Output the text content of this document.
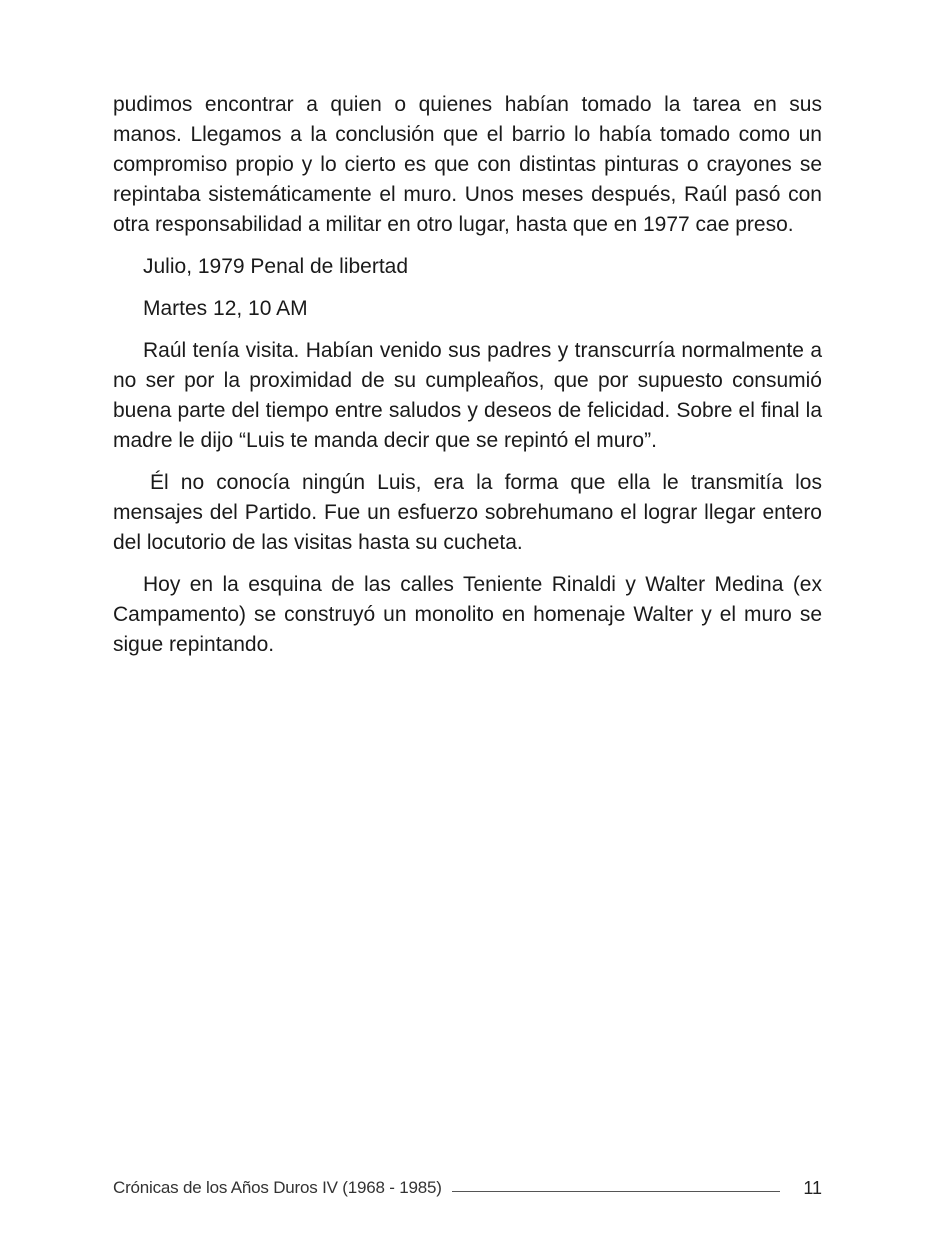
pudimos encontrar a quien o quienes habían tomado la tarea en sus manos. Llegamos a la conclusión que el barrio lo había tomado como un compromiso propio y lo cierto es que con distintas pinturas o crayones se repintaba sistemáticamente el muro. Unos meses después, Raúl pasó con otra responsabilidad a militar en otro lugar, hasta que en 1977 cae preso.

Julio, 1979 Penal de libertad

Martes 12, 10 AM

Raúl tenía visita. Habían venido sus padres y transcurría normalmente a no ser por la proximidad de su cumpleaños, que por supuesto consumió buena parte del tiempo entre saludos y deseos de felicidad. Sobre el final la madre le dijo “Luis te manda decir que se repintó el muro”.

Él no conocía ningún Luis, era la forma que ella le transmitía los mensajes del Partido. Fue un esfuerzo sobrehumano el lograr llegar entero del locutorio de las visitas hasta su cucheta.

Hoy en la esquina de las calles Teniente Rinaldi y Walter Medina (ex Campamento) se construyó un monolito en homenaje Walter y el muro se sigue repintando.

Crónicas de los Años Duros IV (1968 - 1985)	11
